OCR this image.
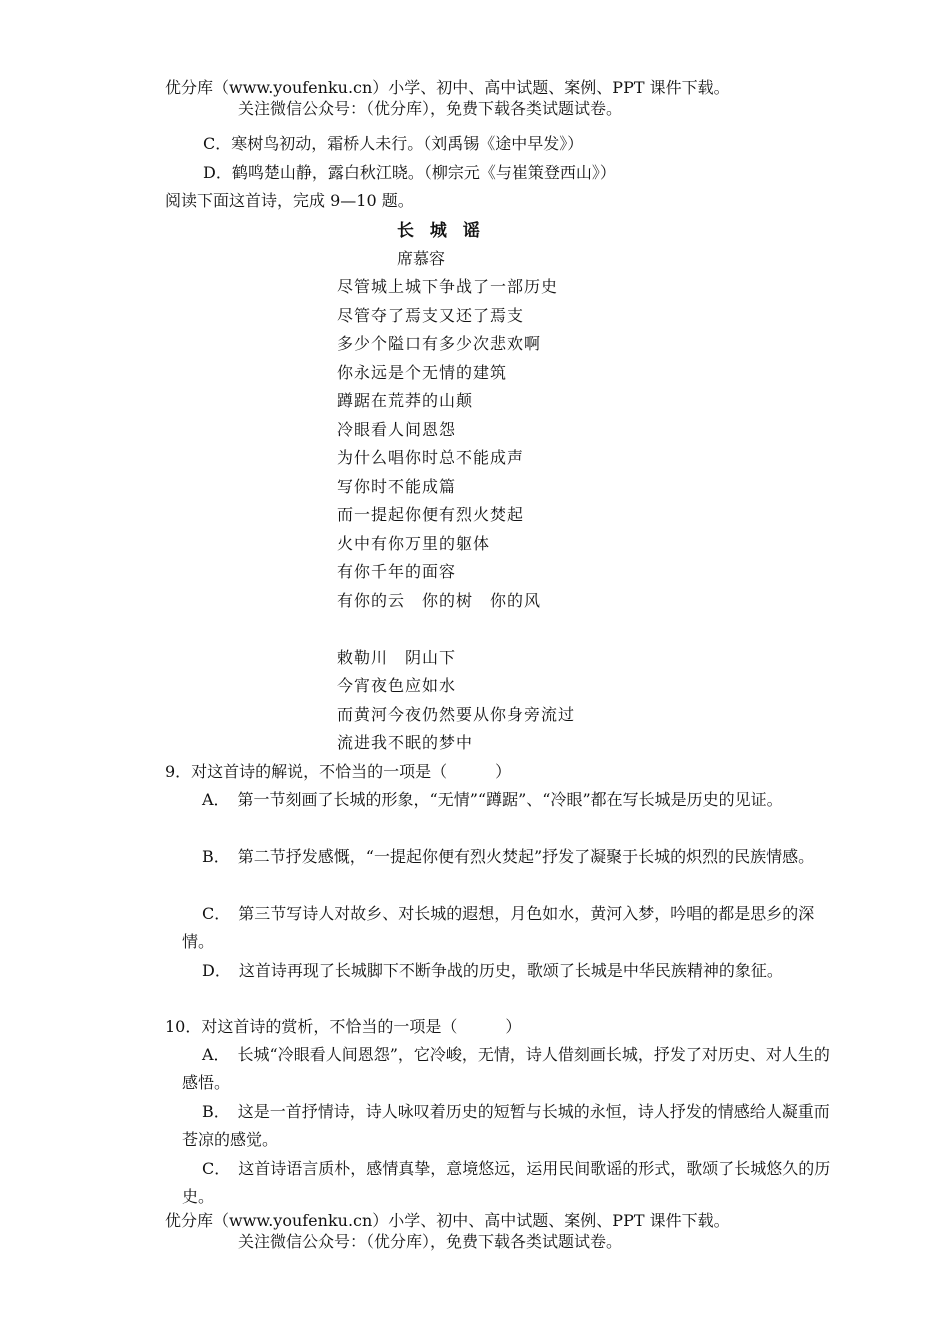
优分库（www.youfenku.cn）小学、初中、高中试题、案例、PPT 课件下载。
关注微信公众号：（优分库），免费下载各类试题试卷。
C．寒树鸟初动，霜桥人未行。（刘禹锡《途中早发》）
D．鹤鸣楚山静，露白秋江晓。（柳宗元《与崔策登西山》）
阅读下面这首诗，完成 9—10 题。
长 城 谣
席慕容
尽管城上城下争战了一部历史
尽管夺了焉支又还了焉支
多少个隘口有多少次悲欢啊
你永远是个无情的建筑
蹲踞在荒莽的山颠
冷眼看人间恩怨
为什么唱你时总不能成声
写你时不能成篇
而一提起你便有烈火焚起
火中有你万里的躯体
有你千年的面容
有你的云　你的树　你的风
敕勒川　阴山下
今宵夜色应如水
而黄河今夜仍然要从你身旁流过
流进我不眠的梦中
9．对这首诗的解说，不恰当的一项是（　　　）
A．　第一节刻画了长城的形象，“无情”“蹲踞”、“冷眼”都在写长城是历史的见证。
B．　第二节抒发感慨，“一提起你便有烈火焚起”抒发了凝聚于长城的炽烈的民族情感。
C．　第三节写诗人对故乡、对长城的遐想，月色如水，黄河入梦，吟唱的都是思乡的深情。
D．　这首诗再现了长城脚下不断争战的历史，歌颂了长城是中华民族精神的象征。
10．对这首诗的赏析，不恰当的一项是（　　　）
A．　长城“冷眼看人间恩怨”，它冷峻，无情，诗人借刻画长城，抒发了对历史、对人生的感悟。
B．　这是一首抒情诗，诗人咏叹着历史的短暂与长城的永恒，诗人抒发的情感给人凝重而苍凉的感觉。
C．　这首诗语言质朴，感情真挚，意境悠远，运用民间歌谣的形式，歌颂了长城悠久的历史。
优分库（www.youfenku.cn）小学、初中、高中试题、案例、PPT 课件下载。
关注微信公众号：（优分库），免费下载各类试题试卷。
